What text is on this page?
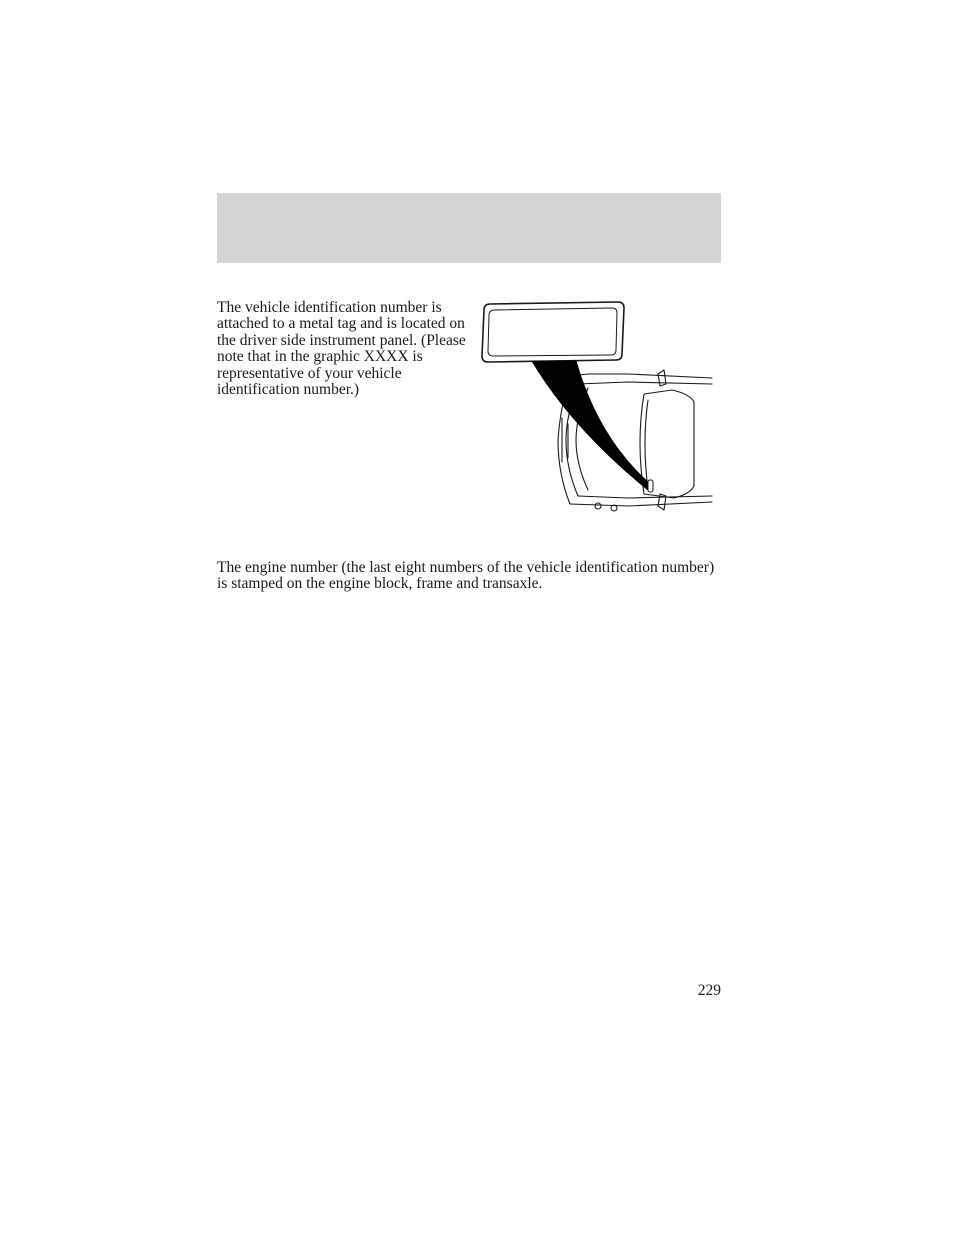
The vehicle identification number is attached to a metal tag and is located on the driver side instrument panel. (Please note that in the graphic XXXX is representative of your vehicle identification number.)

The engine number (the last eight numbers of the vehicle identification number) is stamped on the engine block, frame and transaxle.

229
